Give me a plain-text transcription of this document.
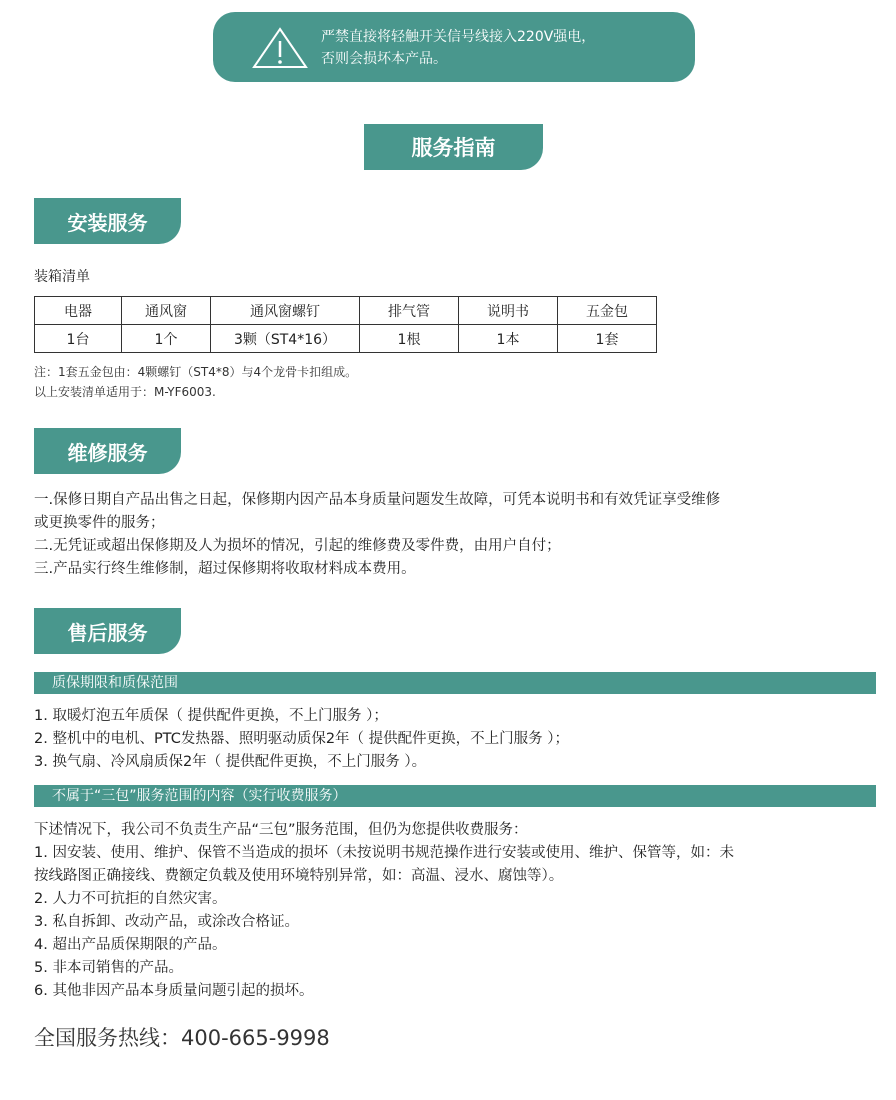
严禁直接将轻触开关信号线接入220V强电，
否则会损坏本产品。
服务指南
安装服务
装箱清单
电器	通风窗	通风窗螺钉	排气管	说明书	五金包
1台	1个	3颗（ST4*16）	1根	1本	1套
注：1套五金包由：4颗螺钉（ST4*8）与4个龙骨卡扣组成。
以上安装清单适用于：M-YF6003.
维修服务

一.保修日期自产品出售之日起，保修期内因产品本身质量问题发生故障，可凭本说明书和有效凭证享受维修

或更换零件的服务；

二.无凭证或超出保修期及人为损坏的情况，引起的维修费及零件费，由用户自付；

三.产品实行终生维修制，超过保修期将收取材料成本费用。

售后服务
质保期限和质保范围

1. 取暖灯泡五年质保（ 提供配件更换，不上门服务 ）；

2. 整机中的电机、PTC发热器、照明驱动质保2年（ 提供配件更换，不上门服务 ）；

3. 换气扇、冷风扇质保2年（ 提供配件更换，不上门服务 ）。

不属于“三包”服务范围的内容（实行收费服务）

下述情况下，我公司不负责生产品“三包”服务范围，但仍为您提供收费服务：

1. 因安装、使用、维护、保管不当造成的损坏（未按说明书规范操作进行安装或使用、维护、保管等，如：未

按线路图正确接线、费额定负载及使用环境特别异常，如：高温、浸水、腐蚀等）。

2. 人力不可抗拒的自然灾害。

3. 私自拆卸、改动产品，或涂改合格证。

4. 超出产品质保期限的产品。

5. 非本司销售的产品。

6. 其他非因产品本身质量问题引起的损坏。

全国服务热线：400-665-9998
